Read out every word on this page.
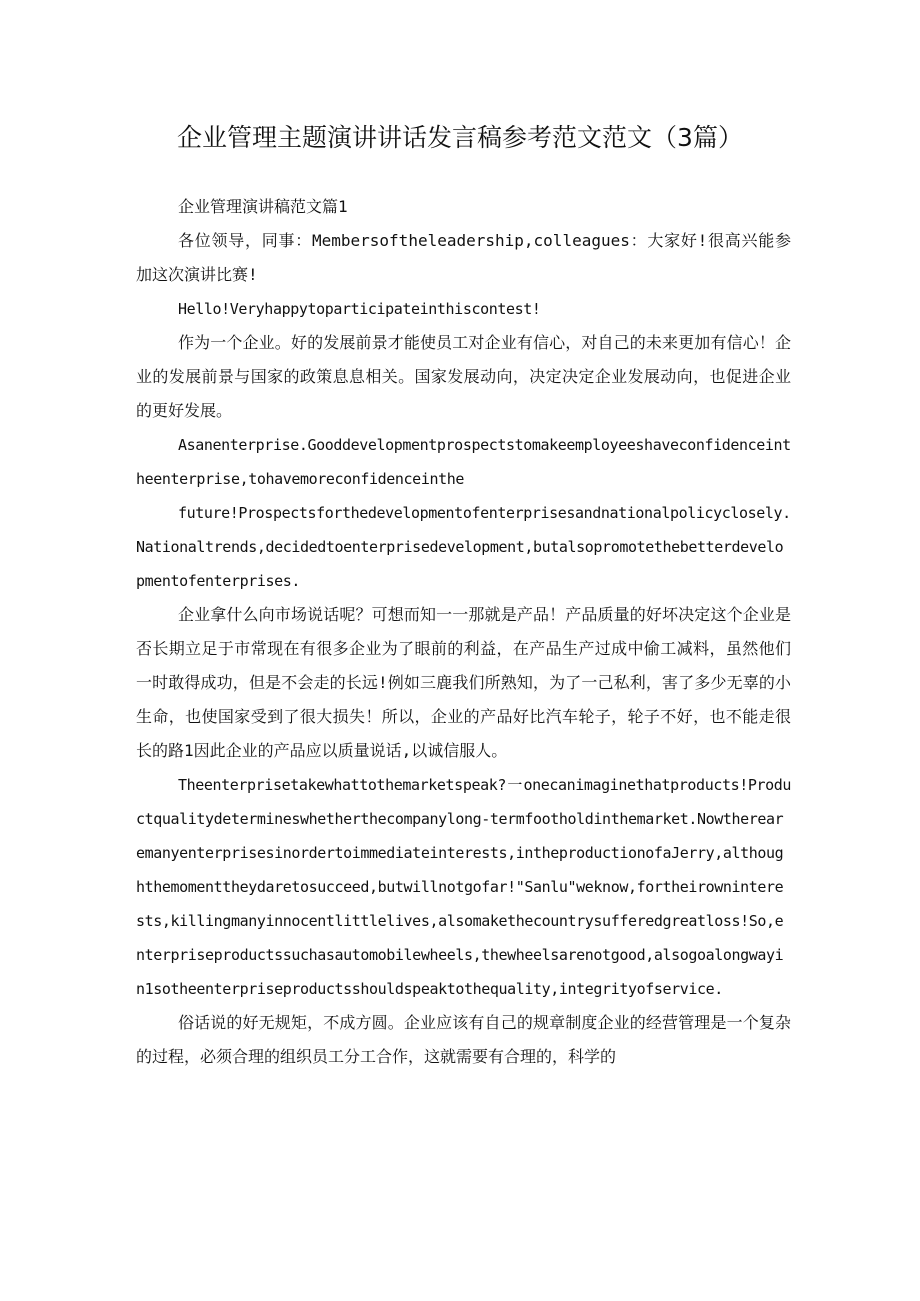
企业管理主题演讲讲话发言稿参考范文范文（3篇）

企业管理演讲稿范文篇1

各位领导，同事：Membersoftheleadership,colleagues：大家好!很高兴能参加这次演讲比赛!

Hello!Veryhappytoparticipateinthiscontest!

作为一个企业。好的发展前景才能使员工对企业有信心，对自己的未来更加有信心！企业的发展前景与国家的政策息息相关。国家发展动向，决定决定企业发展动向，也促进企业的更好发展。

Asanenterprise.Gooddevelopmentprospectstomakeemployeeshaveconfidenceintheenterprise,tohavemoreconfidenceinthe

future!Prospectsforthedevelopmentofenterprisesandnationalpolicyclosely.Nationaltrends,decidedtoenterprisedevelopment,butalsopromotethebetterdevelopmentofenterprises.

企业拿什么向市场说话呢？可想而知一一那就是产品！产品质量的好坏决定这个企业是否长期立足于市常现在有很多企业为了眼前的利益，在产品生产过成中偷工减料，虽然他们一时敢得成功，但是不会走的长远!例如三鹿我们所熟知，为了一己私利，害了多少无辜的小生命，也使国家受到了很大损失！所以，企业的产品好比汽车轮子，轮子不好，也不能走很长的路1因此企业的产品应以质量说话,以诚信服人。

Theenterprisetakewhattothemarketspeak?一onecanimaginethatproducts!Productqualitydetermineswhetherthecompanylong-termfootholdinthemarket.Nowtherearemanyenterprisesinordertoimmediateinterests,intheproductionofaJerry,althoughthemomenttheydaretosucceed,butwillnotgofar!"Sanlu"weknow,fortheirowninterests,killingmanyinnocentlittlelives,alsomakethecountrysufferedgreatloss!So,enterpriseproductssuchasautomobilewheels,thewheelsarenotgood,alsogoalongwayin1sotheenterpriseproductsshouldspeaktothequality,integrityofservice.

俗话说的好无规矩，不成方圆。企业应该有自己的规章制度企业的经营管理是一个复杂的过程，必须合理的组织员工分工合作，这就需要有合理的，科学的
